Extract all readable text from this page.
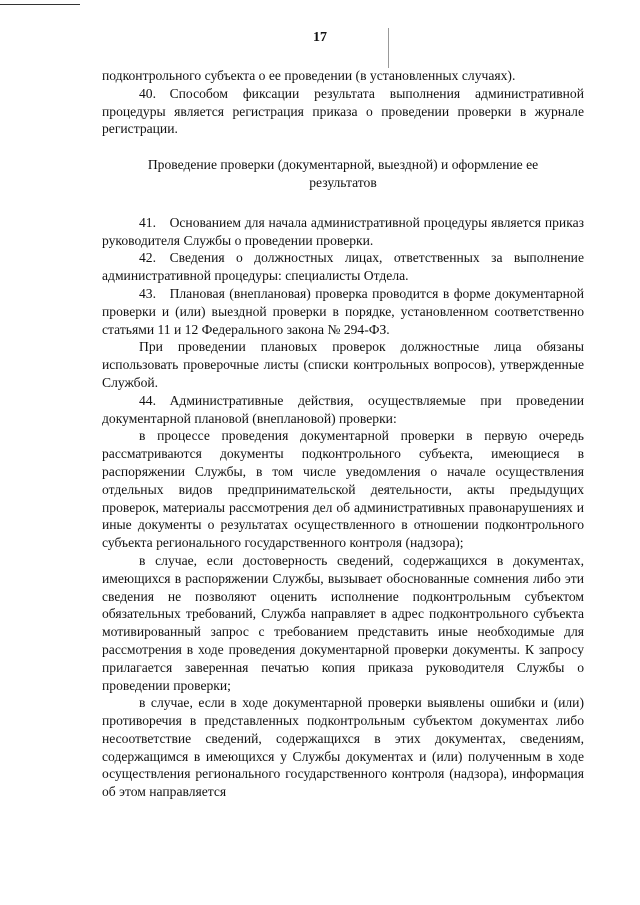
17

подконтрольного субъекта о ее проведении (в установленных случаях).

40. Способом фиксации результата выполнения административной процедуры является регистрация приказа о проведении проверки в журнале регистрации.

Проведение проверки (документарной, выездной) и оформление ее результатов

41. Основанием для начала административной процедуры является приказ руководителя Службы о проведении проверки.

42. Сведения о должностных лицах, ответственных за выполнение административной процедуры: специалисты Отдела.

43. Плановая (внеплановая) проверка проводится в форме документарной проверки и (или) выездной проверки в порядке, установленном соответственно статьями 11 и 12 Федерального закона № 294-ФЗ.

При проведении плановых проверок должностные лица обязаны использовать проверочные листы (списки контрольных вопросов), утвержденные Службой.

44. Административные действия, осуществляемые при проведении документарной плановой (внеплановой) проверки:

в процессе проведения документарной проверки в первую очередь рассматриваются документы подконтрольного субъекта, имеющиеся в распоряжении Службы, в том числе уведомления о начале осуществления отдельных видов предпринимательской деятельности, акты предыдущих проверок, материалы рассмотрения дел об административных правонарушениях и иные документы о результатах осуществленного в отношении подконтрольного субъекта регионального государственного контроля (надзора);

в случае, если достоверность сведений, содержащихся в документах, имеющихся в распоряжении Службы, вызывает обоснованные сомнения либо эти сведения не позволяют оценить исполнение подконтрольным субъектом обязательных требований, Служба направляет в адрес подконтрольного субъекта мотивированный запрос с требованием представить иные необходимые для рассмотрения в ходе проведения документарной проверки документы. К запросу прилагается заверенная печатью копия приказа руководителя Службы о проведении проверки;

в случае, если в ходе документарной проверки выявлены ошибки и (или) противоречия в представленных подконтрольным субъектом документах либо несоответствие сведений, содержащихся в этих документах, сведениям, содержащимся в имеющихся у Службы документах и (или) полученным в ходе осуществления регионального государственного контроля (надзора), информация об этом направляется
